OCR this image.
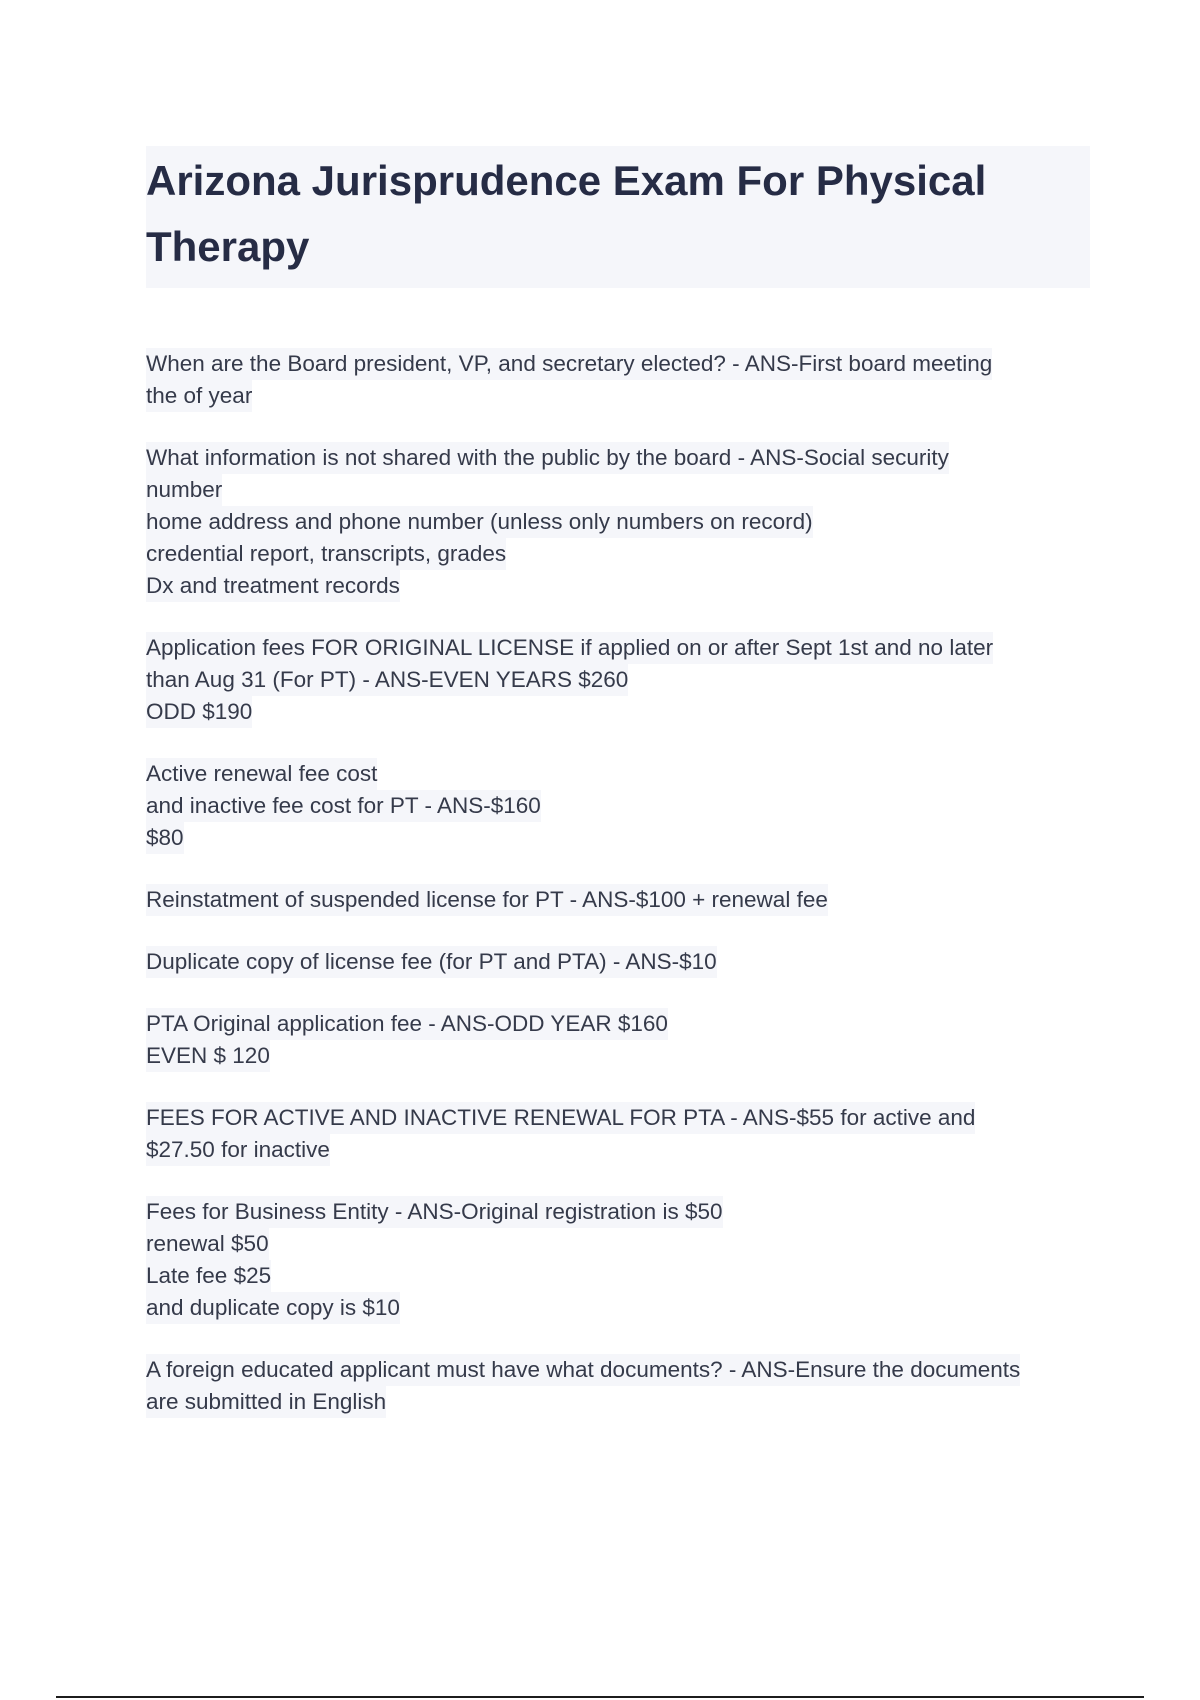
Arizona Jurisprudence Exam For Physical
Therapy
When are the Board president, VP, and secretary elected? - ANS-First board meeting
the of year
What information is not shared with the public by the board - ANS-Social security
number
home address and phone number (unless only numbers on record)
credential report, transcripts, grades
Dx and treatment records
Application fees FOR ORIGINAL LICENSE if applied on or after Sept 1st and no later
than Aug 31 (For PT) - ANS-EVEN YEARS $260
ODD $190
Active renewal fee cost
and inactive fee cost for PT - ANS-$160
$80
Reinstatment of suspended license for PT - ANS-$100 + renewal fee
Duplicate copy of license fee (for PT and PTA) - ANS-$10
PTA Original application fee - ANS-ODD YEAR $160
EVEN $ 120
FEES FOR ACTIVE AND INACTIVE RENEWAL FOR PTA - ANS-$55 for active and
$27.50 for inactive
Fees for Business Entity - ANS-Original registration is $50
renewal $50
Late fee $25
and duplicate copy is $10
A foreign educated applicant must have what documents? - ANS-Ensure the documents
are submitted in English
